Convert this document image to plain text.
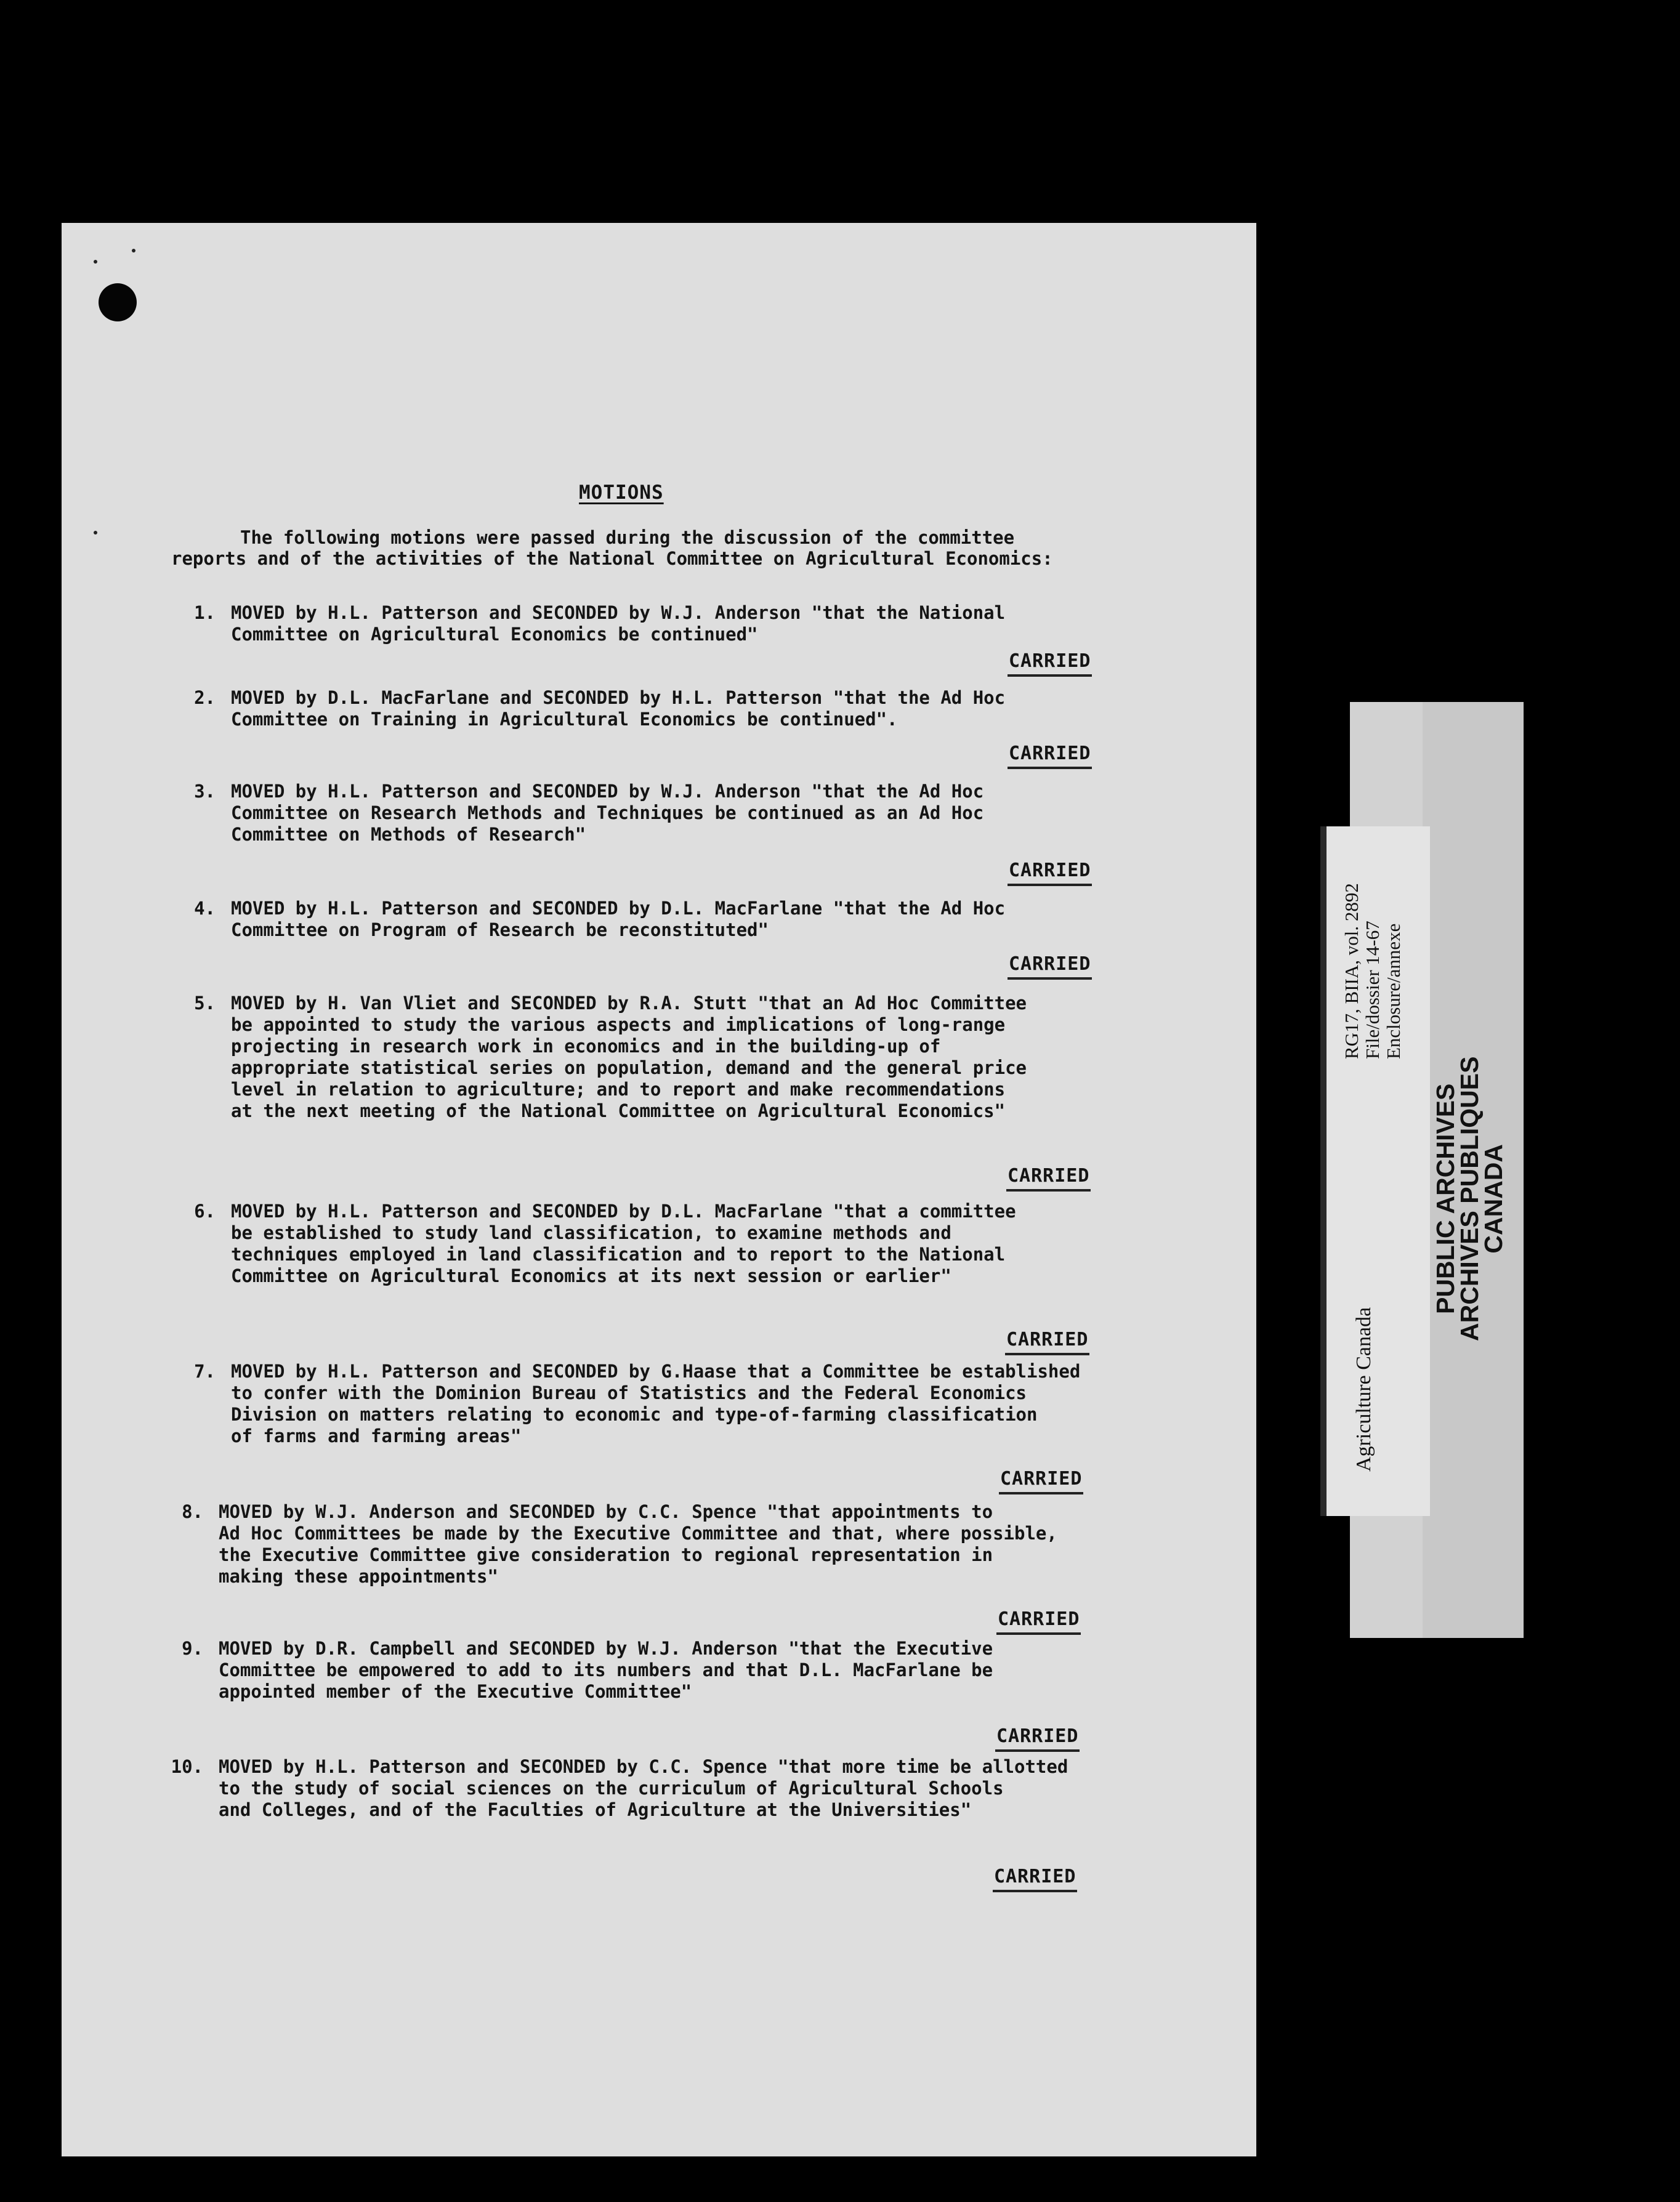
MOTIONS
The following motions were passed during the discussion of the committee
reports and of the activities of the National Committee on Agricultural Economics:
1. MOVED by H.L. Patterson and SECONDED by W.J. Anderson "that the National
Committee on Agricultural Economics be continued"
CARRIED
2. MOVED by D.L. MacFarlane and SECONDED by H.L. Patterson "that the Ad Hoc
Committee on Training in Agricultural Economics be continued".
CARRIED
3. MOVED by H.L. Patterson and SECONDED by W.J. Anderson "that the Ad Hoc
Committee on Research Methods and Techniques be continued as an Ad Hoc
Committee on Methods of Research"
CARRIED
4. MOVED by H.L. Patterson and SECONDED by D.L. MacFarlane "that the Ad Hoc
Committee on Program of Research be reconstituted"
CARRIED
5. MOVED by H. Van Vliet and SECONDED by R.A. Stutt "that an Ad Hoc Committee
be appointed to study the various aspects and implications of long-range
projecting in research work in economics and in the building-up of
appropriate statistical series on population, demand and the general price
level in relation to agriculture; and to report and make recommendations
at the next meeting of the National Committee on Agricultural Economics"
CARRIED
6. MOVED by H.L. Patterson and SECONDED by D.L. MacFarlane "that a committee
be established to study land classification, to examine methods and
techniques employed in land classification and to report to the National
Committee on Agricultural Economics at its next session or earlier"
CARRIED
7. MOVED by H.L. Patterson and SECONDED by G.Haase that a Committee be established
to confer with the Dominion Bureau of Statistics and the Federal Economics
Division on matters relating to economic and type-of-farming classification
of farms and farming areas"
CARRIED
8. MOVED by W.J. Anderson and SECONDED by C.C. Spence "that appointments to
Ad Hoc Committees be made by the Executive Committee and that, where possible,
the Executive Committee give consideration to regional representation in
making these appointments"
CARRIED
9. MOVED by D.R. Campbell and SECONDED by W.J. Anderson "that the Executive
Committee be empowered to add to its numbers and that D.L. MacFarlane be
appointed member of the Executive Committee"
CARRIED
10. MOVED by H.L. Patterson and SECONDED by C.C. Spence "that more time be allotted
to the study of social sciences on the curriculum of Agricultural Schools
and Colleges, and of the Faculties of Agriculture at the Universities"
CARRIED
RG17, BIIA, vol. 2892 File/dossier 14-67 Enclosure/annexe
Agriculture Canada
PUBLIC ARCHIVES
ARCHIVES PUBLIQUES
CANADA
